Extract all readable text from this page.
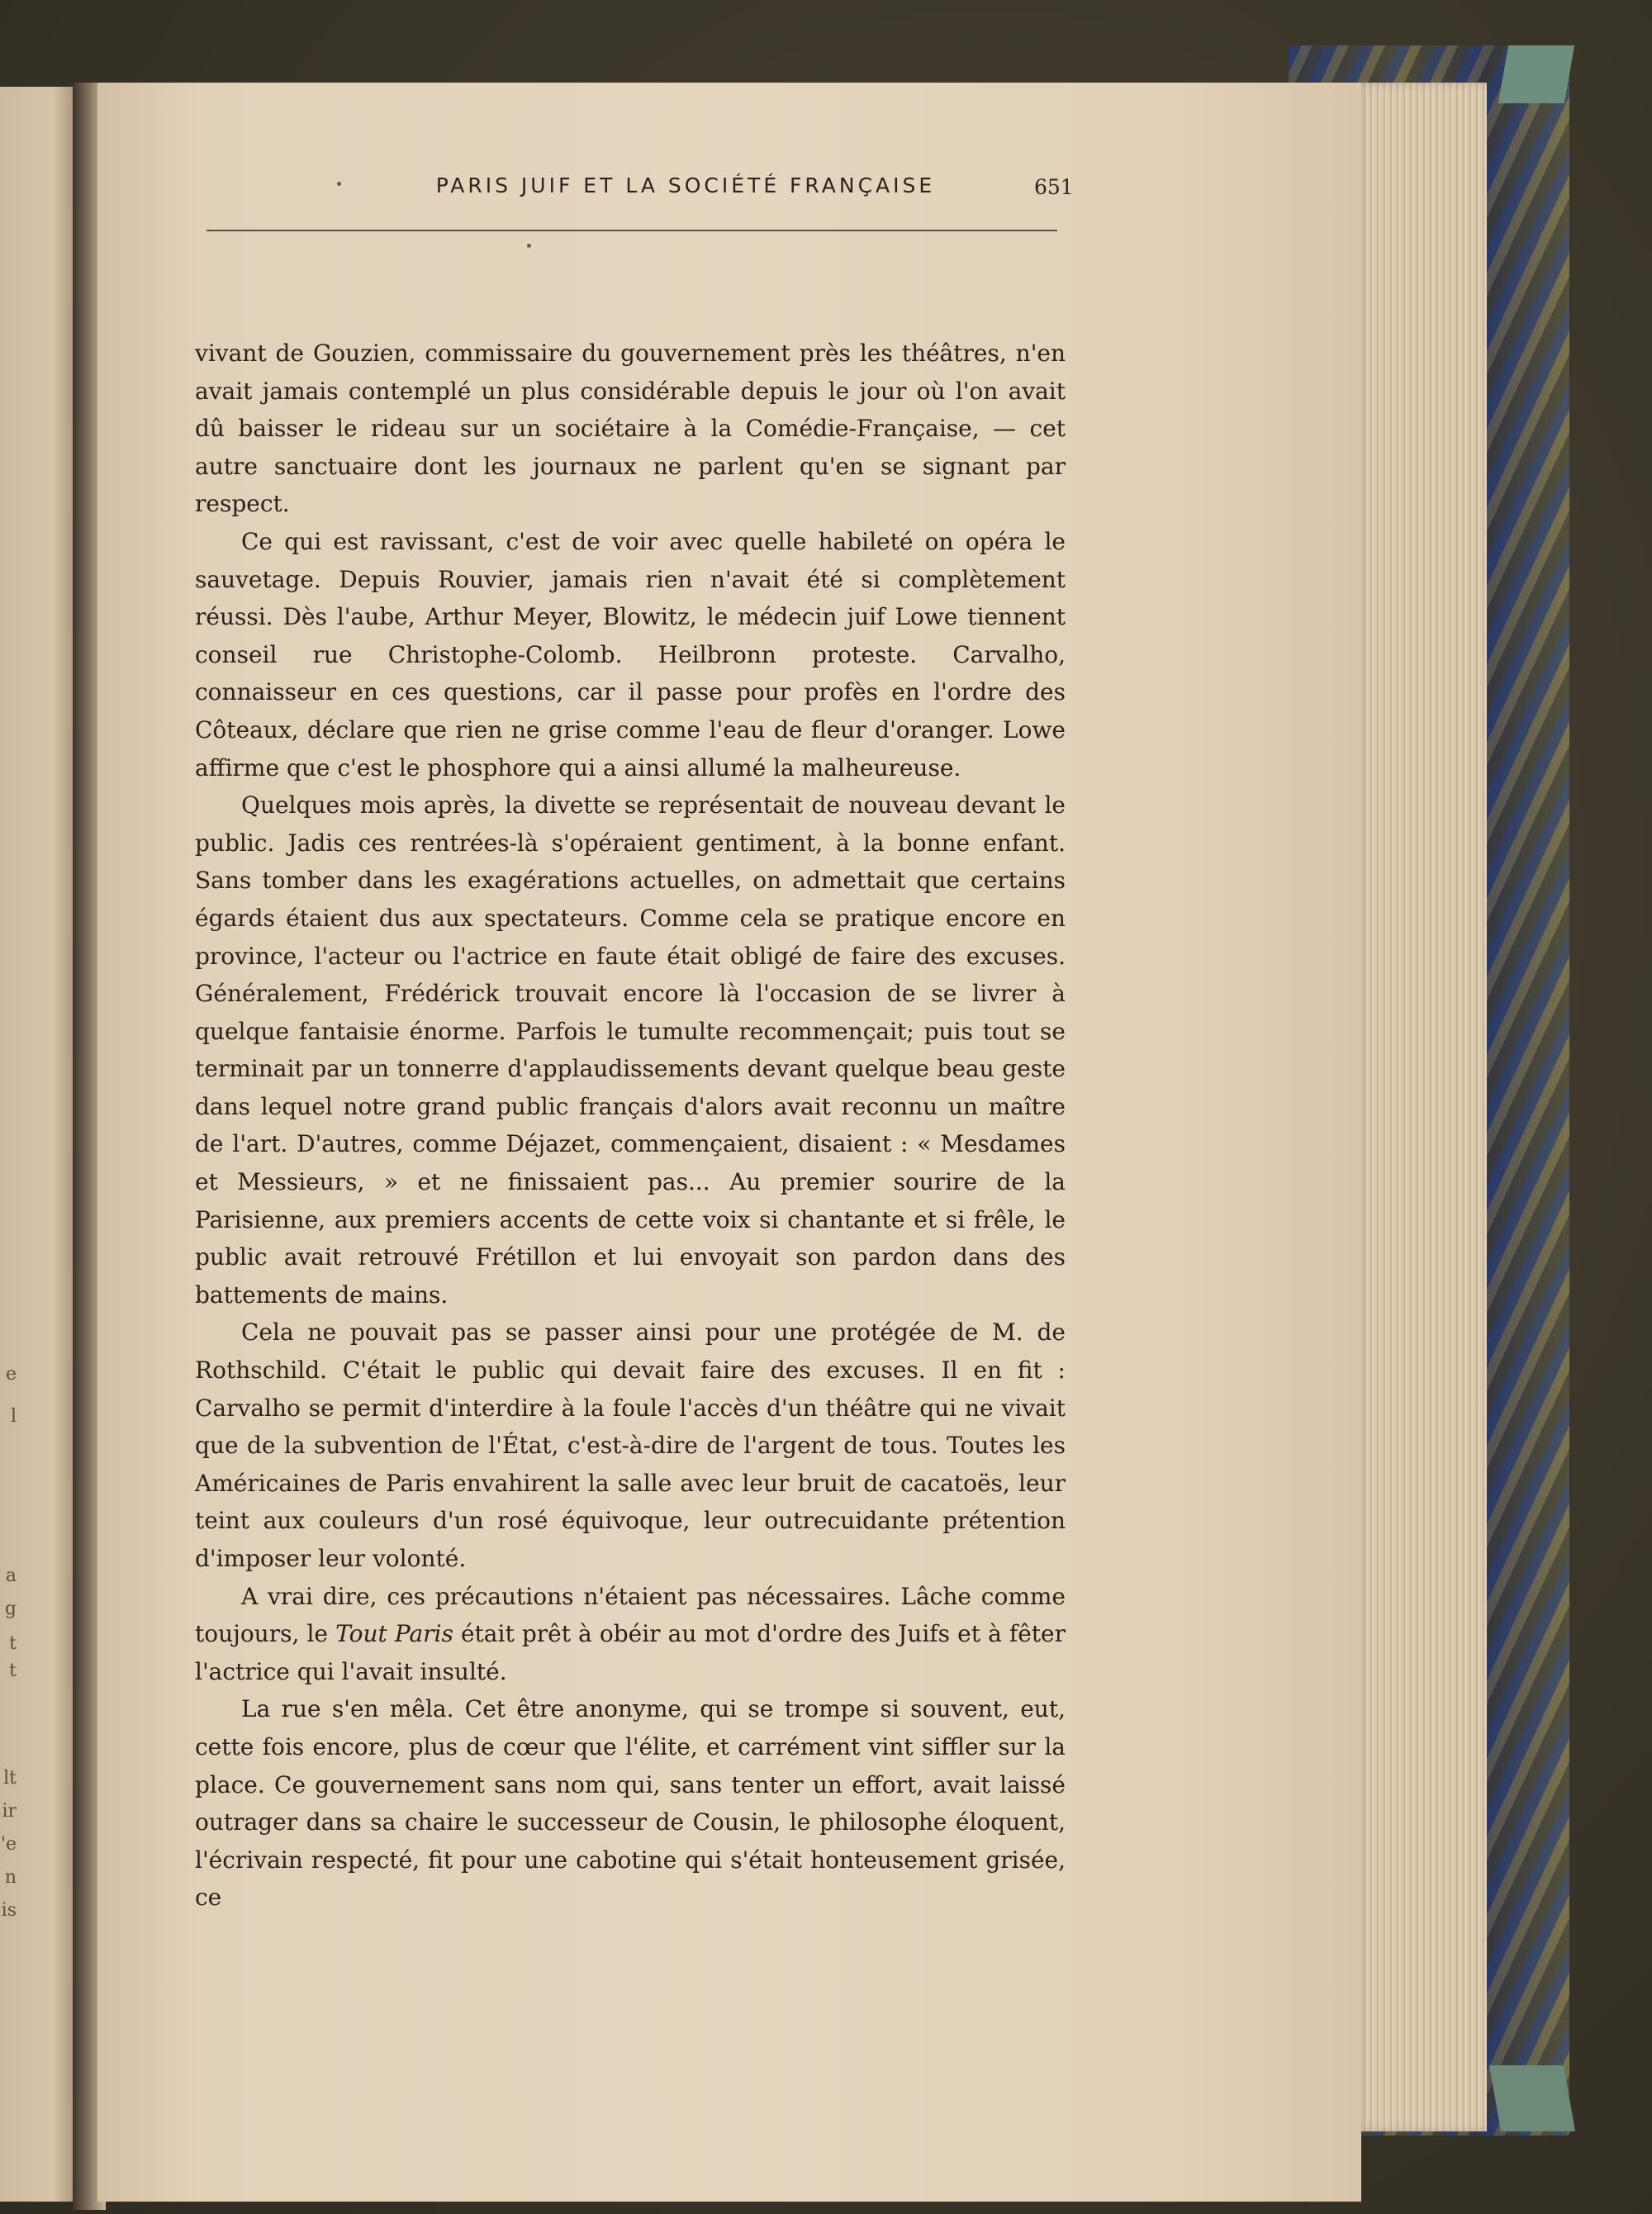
e
l
a
g
t
t
lt
ir
'e
n
is
PARIS JUIF ET LA SOCIÉTÉ FRANÇAISE	651

vivant de Gouzien, commissaire du gouvernement près les théâtres, n'en avait jamais contemplé un plus considérable depuis le jour où l'on avait dû baisser le rideau sur un sociétaire à la Comédie-Française, — cet autre sanctuaire dont les journaux ne parlent qu'en se signant par respect.

Ce qui est ravissant, c'est de voir avec quelle habileté on opéra le sauvetage. Depuis Rouvier, jamais rien n'avait été si complètement réussi. Dès l'aube, Arthur Meyer, Blowitz, le médecin juif Lowe tiennent conseil rue Christophe-Colomb. Heilbronn proteste. Carvalho, connaisseur en ces questions, car il passe pour profès en l'ordre des Côteaux, déclare que rien ne grise comme l'eau de fleur d'oranger. Lowe affirme que c'est le phosphore qui a ainsi allumé la malheureuse.

Quelques mois après, la divette se représentait de nouveau devant le public. Jadis ces rentrées-là s'opéraient gentiment, à la bonne enfant. Sans tomber dans les exagérations actuelles, on admettait que certains égards étaient dus aux spectateurs. Comme cela se pratique encore en province, l'acteur ou l'actrice en faute était obligé de faire des excuses. Généralement, Frédérick trouvait encore là l'occasion de se livrer à quelque fantaisie énorme. Parfois le tumulte recommençait; puis tout se terminait par un tonnerre d'applaudissements devant quelque beau geste dans lequel notre grand public français d'alors avait reconnu un maître de l'art. D'autres, comme Déjazet, commençaient, disaient : « Mesdames et Messieurs, » et ne finissaient pas... Au premier sourire de la Parisienne, aux premiers accents de cette voix si chantante et si frêle, le public avait retrouvé Frétillon et lui envoyait son pardon dans des battements de mains.

Cela ne pouvait pas se passer ainsi pour une protégée de M. de Rothschild. C'était le public qui devait faire des excuses. Il en fit : Carvalho se permit d'interdire à la foule l'accès d'un théâtre qui ne vivait que de la subvention de l'État, c'est-à-dire de l'argent de tous. Toutes les Américaines de Paris envahirent la salle avec leur bruit de cacatoës, leur teint aux couleurs d'un rosé équivoque, leur outrecuidante prétention d'imposer leur volonté.

A vrai dire, ces précautions n'étaient pas nécessaires. Lâche comme toujours, le Tout Paris était prêt à obéir au mot d'ordre des Juifs et à fêter l'actrice qui l'avait insulté.

La rue s'en mêla. Cet être anonyme, qui se trompe si souvent, eut, cette fois encore, plus de cœur que l'élite, et carrément vint siffler sur la place. Ce gouvernement sans nom qui, sans tenter un effort, avait laissé outrager dans sa chaire le successeur de Cousin, le philosophe éloquent, l'écrivain respecté, fit pour une cabotine qui s'était honteusement grisée, ce
